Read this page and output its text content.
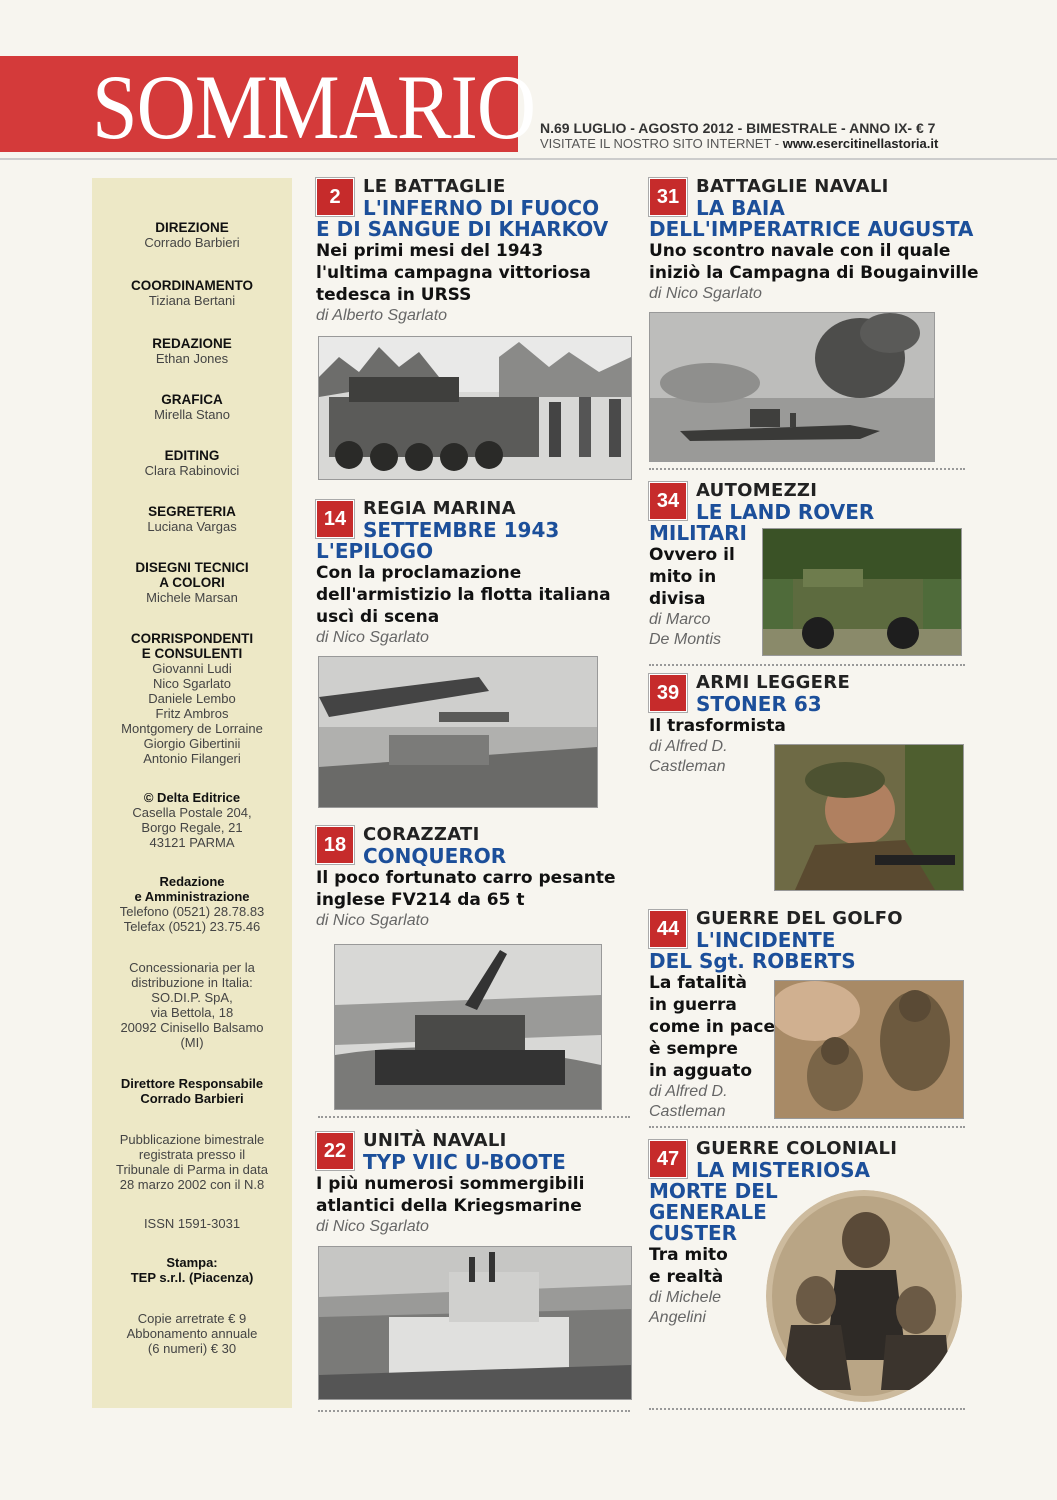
SOMMARIO N.69 LUGLIO - AGOSTO 2012 - BIMESTRALE - ANNO IX- € 7
VISITATE IL NOSTRO SITO INTERNET - www.esercitinellastoria.it
DIREZIONE
Corrado Barbieri
COORDINAMENTO
Tiziana Bertani
REDAZIONE
Ethan Jones
GRAFICA
Mirella Stano
EDITING
Clara Rabinovici
SEGRETERIA
Luciana Vargas
DISEGNI TECNICI
A COLORI
Michele Marsan
CORRISPONDENTI
E CONSULENTI
Giovanni Ludi
Nico Sgarlato
Daniele Lembo
Fritz Ambros
Montgomery de Lorraine
Giorgio Gibertinii
Antonio Filangeri
© Delta Editrice
Casella Postale 204,
Borgo Regale, 21
43121 PARMA
Redazione
e Amministrazione
Telefono (0521) 28.78.83
Telefax (0521) 23.75.46
Concessionaria per la
distribuzione in Italia:
SO.DI.P. SpA,
via Bettola, 18
20092 Cinisello Balsamo
(MI)
Direttore Responsabile
Corrado Barbieri
Pubblicazione bimestrale
registrata presso il
Tribunale di Parma in data
28 marzo 2002 con il N.8
ISSN 1591-3031
Stampa:
TEP s.r.l. (Piacenza)
Copie arretrate € 9
Abbonamento annuale
(6 numeri) € 30
2	LE BATTAGLIE
L'INFERNO DI FUOCO
E DI SANGUE DI KHARKOV
Nei primi mesi del 1943
l'ultima campagna vittoriosa
tedesca in URSS
di Alberto Sgarlato
31 BATTAGLIE NAVALI
LA BAIA
DELL'IMPERATRICE AUGUSTA
Uno scontro navale con il quale
iniziò la Campagna di Bougainville
di Nico Sgarlato
14 REGIA MARINA
SETTEMBRE 1943
L'EPILOGO
Con la proclamazione
dell'armistizio la flotta italiana
uscì di scena
di Nico Sgarlato
34 AUTOMEZZI
LE LAND ROVER
MILITARI
Ovvero il
mito in
divisa
di Marco
De Montis
39 ARMI LEGGERE
STONER 63
Il trasformista
di Alfred D.
Castleman
18 CORAZZATI
CONQUEROR
Il poco fortunato carro pesante
inglese FV214 da 65 t
di Nico Sgarlato	44 GUERRE DEL GOLFO
L'INCIDENTE
DEL Sgt. ROBERTS
La fatalità
in guerra
come in pace
è sempre
in agguato
di Alfred D.
Castleman
22 UNITÀ NAVALI
TYP VIIC U-BOOTE
I più numerosi sommergibili
atlantici della Kriegsmarine
di Nico Sgarlato
47 GUERRE COLONIALI
LA MISTERIOSA
MORTE DEL
GENERALE
CUSTER
Tra mito
e realtà
di Michele
Angelini
